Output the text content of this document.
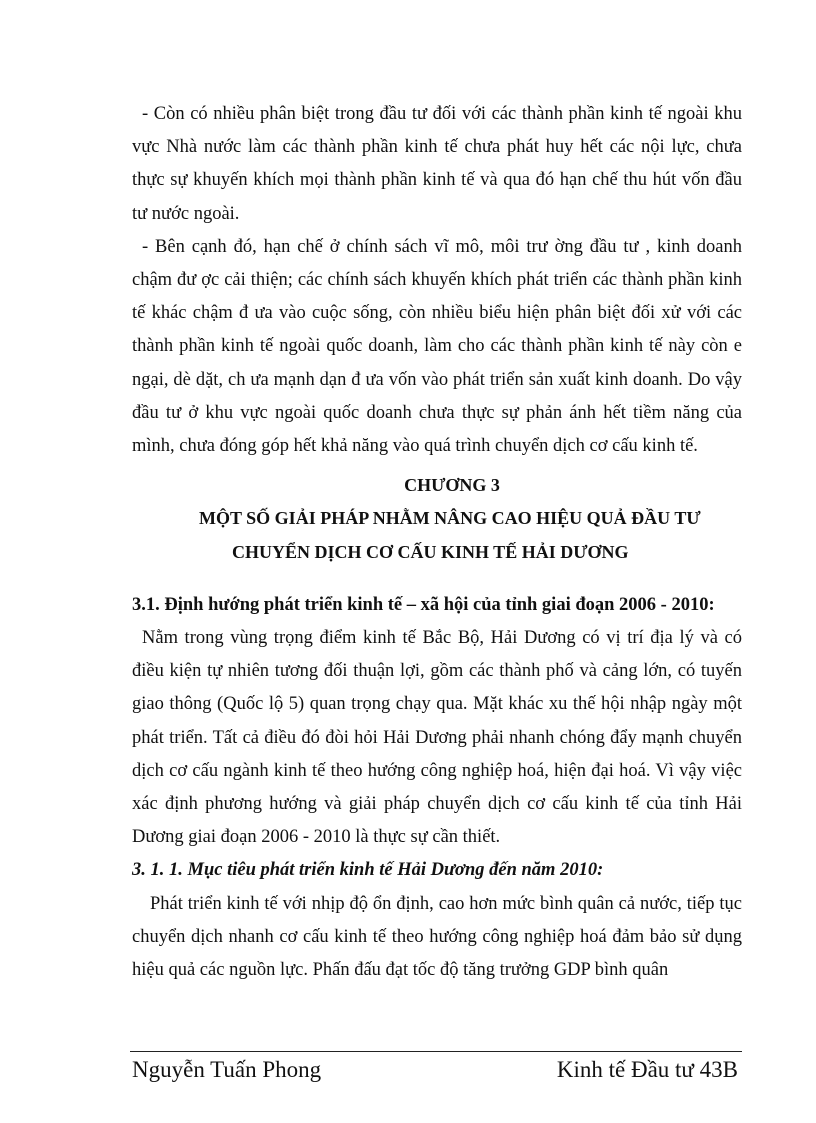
- Còn có nhiều phân biệt trong đầu tư đối với các thành phần kinh tế ngoài khu vực Nhà nước làm các thành phần kinh tế chưa phát huy hết các nội lực, chưa thực sự khuyến khích mọi thành phần kinh tế và qua đó hạn chế thu hút vốn đầu tư nước ngoài.

- Bên cạnh đó, hạn chế ở chính sách vĩ mô, môi trư ờng đầu tư , kinh doanh chậm đư ợc cải thiện; các chính sách khuyến khích phát triển các thành phần kinh tế khác chậm đ ưa vào cuộc sống, còn nhiều biểu hiện phân biệt đối xử với các thành phần kinh tế ngoài quốc doanh, làm cho các thành phần kinh tế này còn e ngại, dè dặt, ch ưa mạnh dạn đ ưa vốn vào phát triển sản xuất kinh doanh. Do vậy đầu tư ở khu vực ngoài quốc doanh chưa thực sự phản ánh hết tiềm năng của mình, chưa đóng góp hết khả năng vào quá trình chuyển dịch cơ cấu kinh tế.

CHƯƠNG 3

MỘT SỐ GIẢI PHÁP NHẰM NÂNG CAO HIỆU QUẢ ĐẦU TƯ

CHUYỂN DỊCH CƠ CẤU KINH TẾ HẢI DƯƠNG

3.1. Định hướng phát triển kinh tế – xã hội của tỉnh giai đoạn 2006 - 2010:

Nằm trong vùng trọng điểm kinh tế Bắc Bộ, Hải Dương có vị trí địa lý và có điều kiện tự nhiên tương đối thuận lợi, gồm các thành phố và cảng lớn, có tuyến giao thông (Quốc lộ 5) quan trọng chạy qua. Mặt khác xu thế hội nhập ngày một phát triển. Tất cả điều đó đòi hỏi Hải Dương phải nhanh chóng đẩy mạnh chuyển dịch cơ cấu ngành kinh tế theo hướng công nghiệp hoá, hiện đại hoá. Vì vậy việc xác định phương hướng và giải pháp chuyển dịch cơ cấu kinh tế của tỉnh Hải Dương giai đoạn 2006 - 2010 là thực sự cần thiết.

3. 1. 1. Mục tiêu phát triển kinh tế Hải Dương đến năm 2010:

Phát triển kinh tế với nhịp độ ổn định, cao hơn mức bình quân cả nước, tiếp tục chuyển dịch nhanh cơ cấu kinh tế theo hướng công nghiệp hoá đảm bảo sử dụng hiệu quả các nguồn lực. Phấn đấu đạt tốc độ tăng trưởng GDP bình quân

Nguyễn Tuấn Phong	Kinh tế Đầu tư 43B
